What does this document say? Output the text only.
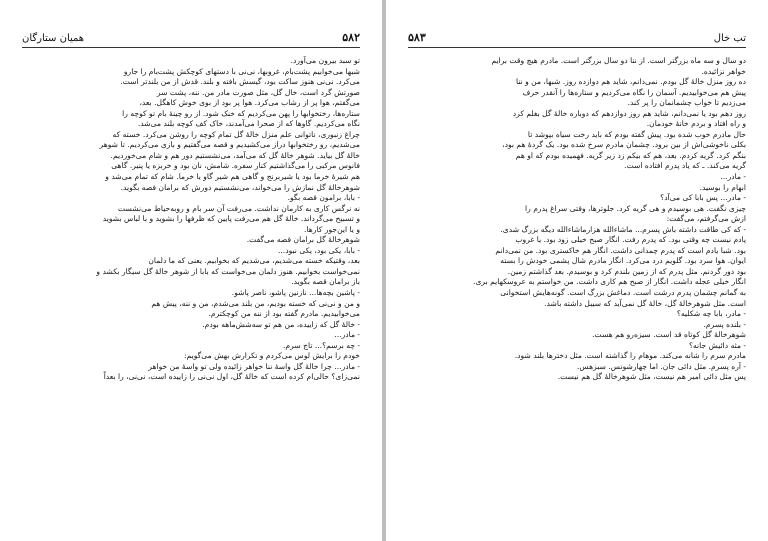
۵۸۲
همیان ستارگان

تو سبد بیرون می‌آورد.

شبها می‌خوابیم پشت‌بام، غروبها، نی‌نی با دستهای کوچکش پشت‌بام را جارو

می‌کرد. نی‌نی هنوز ساکت بود، گیسش بافته و بلند. قدش از من بلندتر است.

صورتش گرد است، خال گل، مثل صورت مادر من. ننه، پشت سر

می‌گفتم، هوا پر از رشاب می‌کرد. هوا پر بود از بوی خوش کاهگل. بعد،

ستاره‌ها، رختخوابها را پهن می‌کردیم که خنک شود. از رو چینهٔ بام تو کوچه را

نگاه می‌کردیم. گاوها که از صحرا می‌آمدند، خاک کف کوچه بلند می‌شد.

چراغ زنبوری، ناتوانی علم منزل خالهٔ گل تمام کوچه را روشن می‌کرد. خسته که

می‌شدیم، رو رختخوابها دراز می‌کشیدیم و قصه می‌گفتیم و بازی می‌کردیم. تا شوهر

خالهٔ گل بیاید. شوهر خالهٔ گل که می‌آمد، می‌نشستیم دور هم و شام می‌خوردیم.

فانوس مرکبی را می‌گذاشتیم کنار سفره. شامش، نان بود و خربزه یا پنیر. گاهی

هم شیرهٔ خرما بود یا شیربرنج و گاهی هم شیر گاو یا خرما. شام که تمام می‌شد و

شوهرخالهٔ گل نمازش را می‌خواند، می‌نشستیم دورش که برامان قصه بگوید.

- بابا، برامون قصه بگو.

نه نرگس کاری به کارمان نداشت. می‌رفت آن سر بام و روبه‌حیاط می‌نشست

و تسبیح می‌گرداند. خالهٔ گل هم می‌رفت پایین که ظرفها را بشوید و با لباس بشوید

و یا این‌جور کارها.

شوهرخالهٔ گل برامان قصه می‌گفت.

- بابا، یکی بود، یکی نبود...

بعد، وقتیکه خسته می‌شدیم، می‌شدیم که بخوابیم. یعنی که ما دلمان

نمی‌خواست بخوابیم. هنوز دلمان می‌خواست که بابا از شوهر خالهٔ گل سیگار بکشد و

باز برامان قصه بگوید.

- پاشین بچه‌ها... نازنین پاشو، ناصر پاشو.

و من و نی‌نی که خسته بودیم، من بلند می‌شدم، من و ننه، پیش هم

می‌خوابیدیم. مادرم گفته بود از ننه من کوچکترم.

- خالهٔ گل که زاییده، من هم تو سه‌شش‌ماهه بودم.

- مادر...

- چه برسم؟... تاج سرم.

خودم را برایش لوس می‌کردم و تکرارش بهش می‌گویم:

- مادر... چرا خالهٔ گل واسهٔ ننا خواهر زائیده ولی تو واسهٔ من خواهر

نمی‌زای؟ حالی‌ام کرده است که خالهٔ گل، اول نی‌نی را زاییده است، نی‌نی، را بعداً

تب خال
۵۸۳

دو سال و سه ماه بزرگتر است. از ننا دو سال بزرگتر است. مادرم هیچ وقت برایم

خواهر نزائیده.

ده روز منزل خالهٔ گل بودم. نمی‌دانم، شاید هم دوازده روز. شبها، من و ننا

پیش هم می‌خوابیدیم. آسمان را نگاه می‌کردیم و ستاره‌ها را آنقدر حرف

می‌زدیم تا خواب چشمانمان را پر کند.

روز دهم بود یا نمی‌دانم، شاید هم روز دوازدهم که دوباره خالهٔ گل بغلم کرد

و راه افتاد و بردم خانهٔ خودمان.

حال مادرم خوب شده بود. پیش گفته بودم که باید رخت سیاه بپوشد تا

بکلی ناخوشی‌اش از بین برود. چشمان مادرم سرخ شده بود. یک گردهٔ هم بود،

بنگم کرد. گریه کردم. بعد، هم که بیکم زد زیر گریه. فهمیده بودم که او هم

گریه می‌کند. ـ که یاد پدرم افتاده است.

- مادر...

ابهام را بوسید.

- مادر... پس بابا کی می‌آد؟

چیزی نگفت. هی بوسیدم و هی گریه کرد. جلوترها، وقتی سراغ پدرم را

ازش می‌گرفتم، می‌گفت:

- که کی طاقت داشته باش پسرم... ماشاءالله هزارماشاءالله دیگه بزرگ شدی.

پادم نیست چه وقتی بود. که پدرم رفت. انگار صبح خیلی زود بود. یا غروب

بود. شبا یادم است که پدرم چمدانی داشت. انگار هم خاکستری بود. من نمی‌دانم

ایوان. هوا سرد بود. گلویم درد می‌کرد. انگار مادرم شال پشمی خودش را بسته

بود دور گردنم. مثل پدرم که از زمین بلندم کرد و بوسیدم. بعد گذاشتم زمین.

انگار خیلی عجله داشت. انگار از صبح هم کاری داشت. من خواستم به عروسکهایم بری.

به گمانم چشمان پدرم درشت است. دماغش بزرگ است. گونه‌هایش استخوانی

است. مثل شوهرخالهٔ گل، خالهٔ گل نمی‌آید که سیبل داشته باشد.

- مادر، بابا چه شکلیه؟

- بلنده پسرم.

شوهرخالهٔ گل کوتاه قد است. سیزه‌رو هم هست.

- مثه دائیش جانه؟

مادرم سرم را شانه می‌کند. موهام را گذاشته است. مثل دخترها بلند شود.

- آره پسرم. مثل دائی جان. اما چهارشونس. سبزهس.

پس مثل دائی امیر هم نیست، مثل شوهرخالهٔ گل هم نیست.
